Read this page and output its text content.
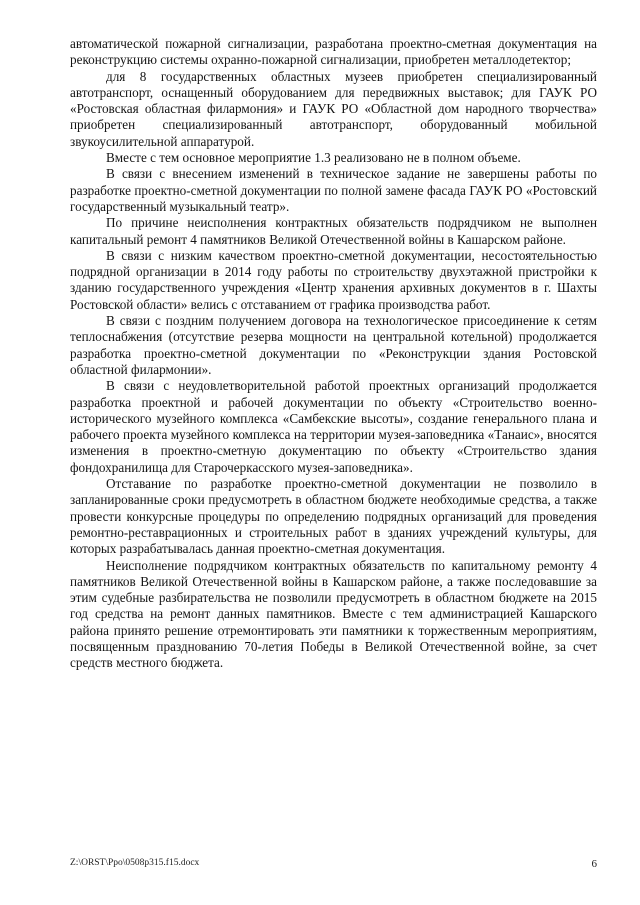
автоматической пожарной сигнализации, разработана проектно-сметная документация на реконструкцию системы охранно-пожарной сигнализации, приобретен металлодетектор;

для 8 государственных областных музеев приобретен специализированный автотранспорт, оснащенный оборудованием для передвижных выставок; для ГАУК РО «Ростовская областная филармония» и ГАУК РО «Областной дом народного творчества» приобретен специализированный автотранспорт, оборудованный мобильной звукоусилительной аппаратурой.

Вместе с тем основное мероприятие 1.3 реализовано не в полном объеме.

В связи с внесением изменений в техническое задание не завершены работы по разработке проектно-сметной документации по полной замене фасада ГАУК РО «Ростовский государственный музыкальный театр».

По причине неисполнения контрактных обязательств подрядчиком не выполнен капитальный ремонт 4 памятников Великой Отечественной войны в Кашарском районе.

В связи с низким качеством проектно-сметной документации, несостоятельностью подрядной организации в 2014 году работы по строительству двухэтажной пристройки к зданию государственного учреждения «Центр хранения архивных документов в г. Шахты Ростовской области» велись с отставанием от графика производства работ.

В связи с поздним получением договора на технологическое присоединение к сетям теплоснабжения (отсутствие резерва мощности на центральной котельной) продолжается разработка проектно-сметной документации по «Реконструкции здания Ростовской областной филармонии».

В связи с неудовлетворительной работой проектных организаций продолжается разработка проектной и рабочей документации по объекту «Строительство военно-исторического музейного комплекса «Самбекские высоты», создание генерального плана и рабочего проекта музейного комплекса на территории музея-заповедника «Танаис», вносятся изменения в проектно-сметную документацию по объекту «Строительство здания фондохранилища для Старочеркасского музея-заповедника».

Отставание по разработке проектно-сметной документации не позволило в запланированные сроки предусмотреть в областном бюджете необходимые средства, а также провести конкурсные процедуры по определению подрядных организаций для проведения ремонтно-реставрационных и строительных работ в зданиях учреждений культуры, для которых разрабатывалась данная проектно-сметная документация.

Неисполнение подрядчиком контрактных обязательств по капитальному ремонту 4 памятников Великой Отечественной войны в Кашарском районе, а также последовавшие за этим судебные разбирательства не позволили предусмотреть в областном бюджете на 2015 год средства на ремонт данных памятников. Вместе с тем администрацией Кашарского района принято решение отремонтировать эти памятники к торжественным мероприятиям, посвященным празднованию 70-летия Победы в Великой Отечественной войне, за счет средств местного бюджета.

Z:\ORST\Ppo\0508p315.f15.docx	6
